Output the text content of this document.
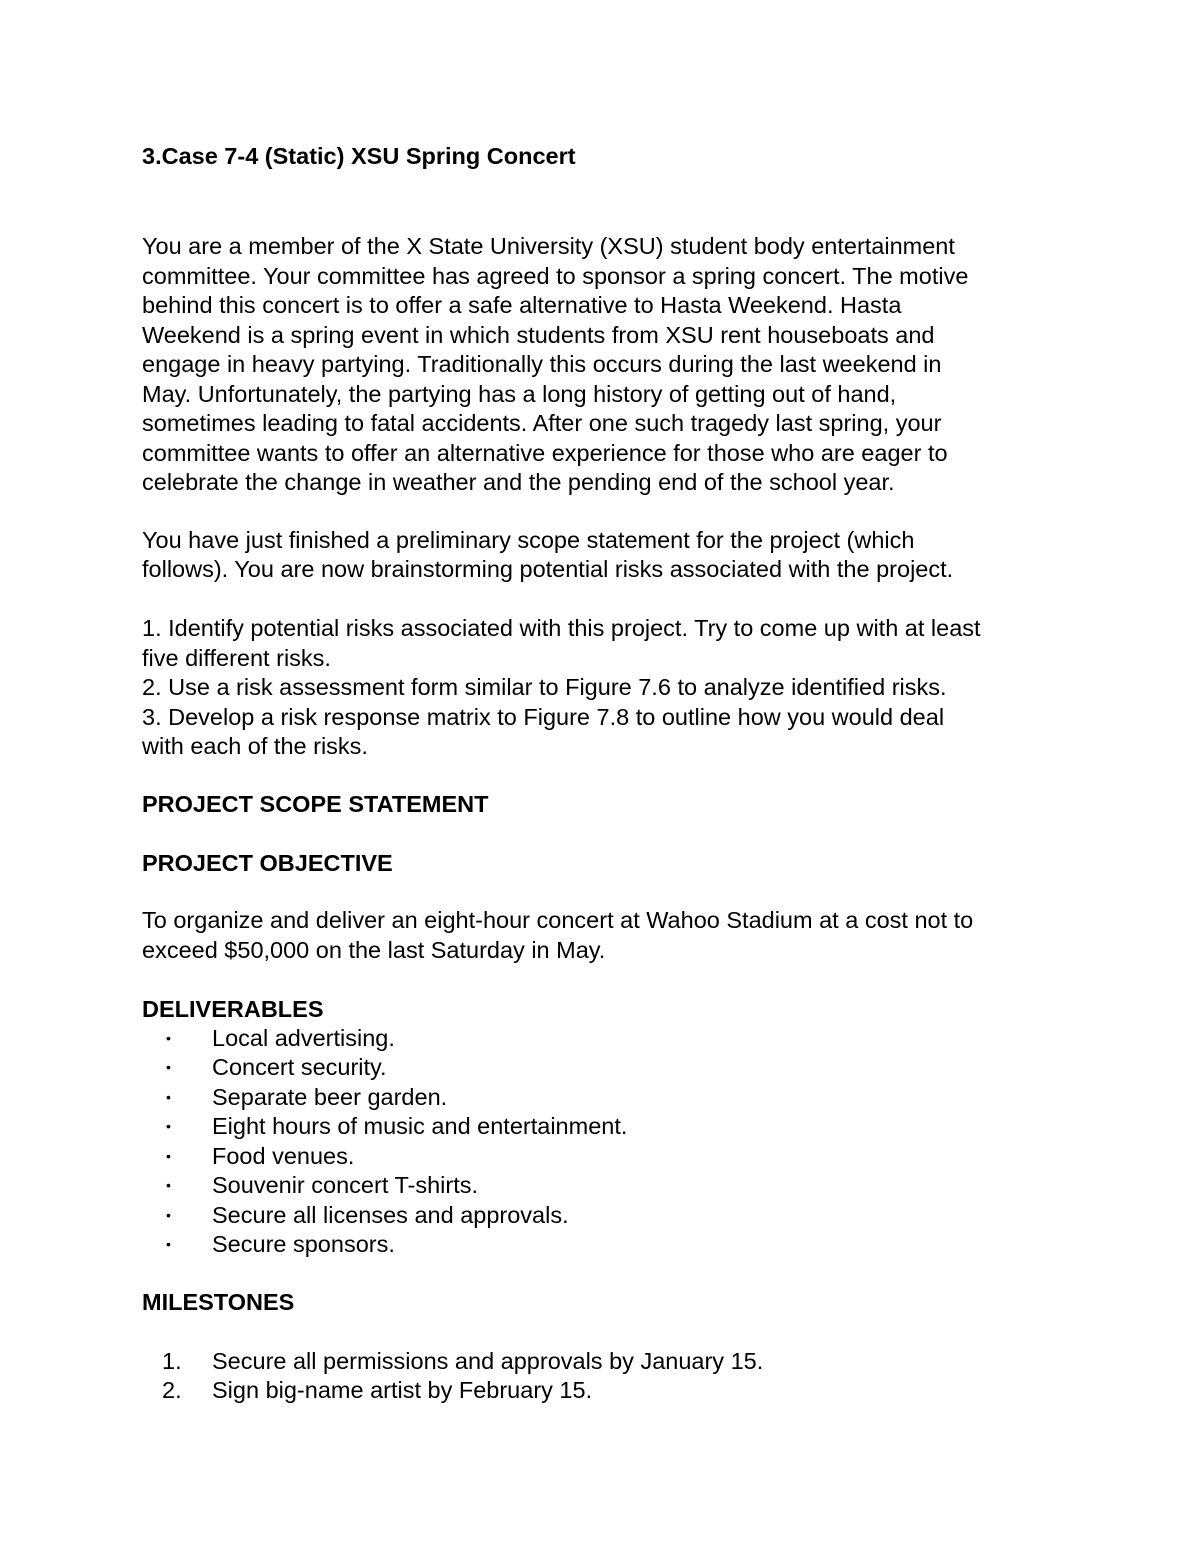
3.Case 7-4 (Static) XSU Spring Concert
You are a member of the X State University (XSU) student body entertainment
committee. Your committee has agreed to sponsor a spring concert. The motive
behind this concert is to offer a safe alternative to Hasta Weekend. Hasta
Weekend is a spring event in which students from XSU rent houseboats and
engage in heavy partying. Traditionally this occurs during the last weekend in
May. Unfortunately, the partying has a long history of getting out of hand,
sometimes leading to fatal accidents. After one such tragedy last spring, your
committee wants to offer an alternative experience for those who are eager to
celebrate the change in weather and the pending end of the school year.
You have just finished a preliminary scope statement for the project (which
follows). You are now brainstorming potential risks associated with the project.
1. Identify potential risks associated with this project. Try to come up with at least
five different risks.
2. Use a risk assessment form similar to Figure 7.6 to analyze identified risks.
3. Develop a risk response matrix to Figure 7.8 to outline how you would deal
with each of the risks.
PROJECT SCOPE STATEMENT
PROJECT OBJECTIVE
To organize and deliver an eight-hour concert at Wahoo Stadium at a cost not to
exceed $50,000 on the last Saturday in May.
DELIVERABLES
• Local advertising.
• Concert security.
• Separate beer garden.
• Eight hours of music and entertainment.
• Food venues.
• Souvenir concert T-shirts.
• Secure all licenses and approvals.
• Secure sponsors.
MILESTONES
1. Secure all permissions and approvals by January 15.
2. Sign big-name artist by February 15.
